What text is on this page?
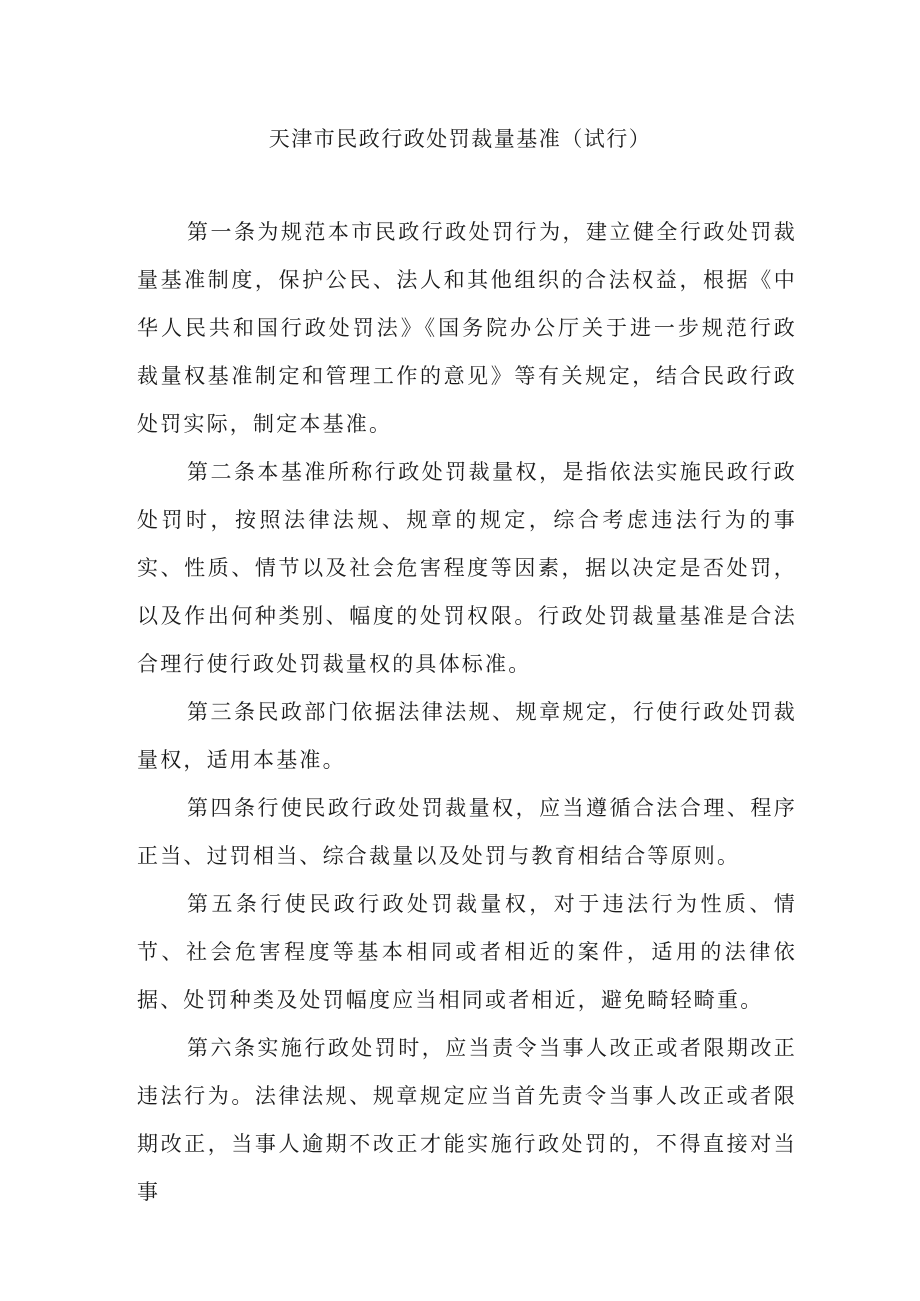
天津市民政行政处罚裁量基准（试行）

第一条为规范本市民政行政处罚行为，建立健全行政处罚裁量基准制度，保护公民、法人和其他组织的合法权益，根据《中华人民共和国行政处罚法》《国务院办公厅关于进一步规范行政裁量权基准制定和管理工作的意见》等有关规定，结合民政行政处罚实际，制定本基准。

第二条本基准所称行政处罚裁量权，是指依法实施民政行政处罚时，按照法律法规、规章的规定，综合考虑违法行为的事实、性质、情节以及社会危害程度等因素，据以决定是否处罚，以及作出何种类别、幅度的处罚权限。行政处罚裁量基准是合法合理行使行政处罚裁量权的具体标准。

第三条民政部门依据法律法规、规章规定，行使行政处罚裁量权，适用本基准。

第四条行使民政行政处罚裁量权，应当遵循合法合理、程序正当、过罚相当、综合裁量以及处罚与教育相结合等原则。

第五条行使民政行政处罚裁量权，对于违法行为性质、情节、社会危害程度等基本相同或者相近的案件，适用的法律依据、处罚种类及处罚幅度应当相同或者相近，避免畸轻畸重。

第六条实施行政处罚时，应当责令当事人改正或者限期改正违法行为。法律法规、规章规定应当首先责令当事人改正或者限期改正，当事人逾期不改正才能实施行政处罚的，不得直接对当事
